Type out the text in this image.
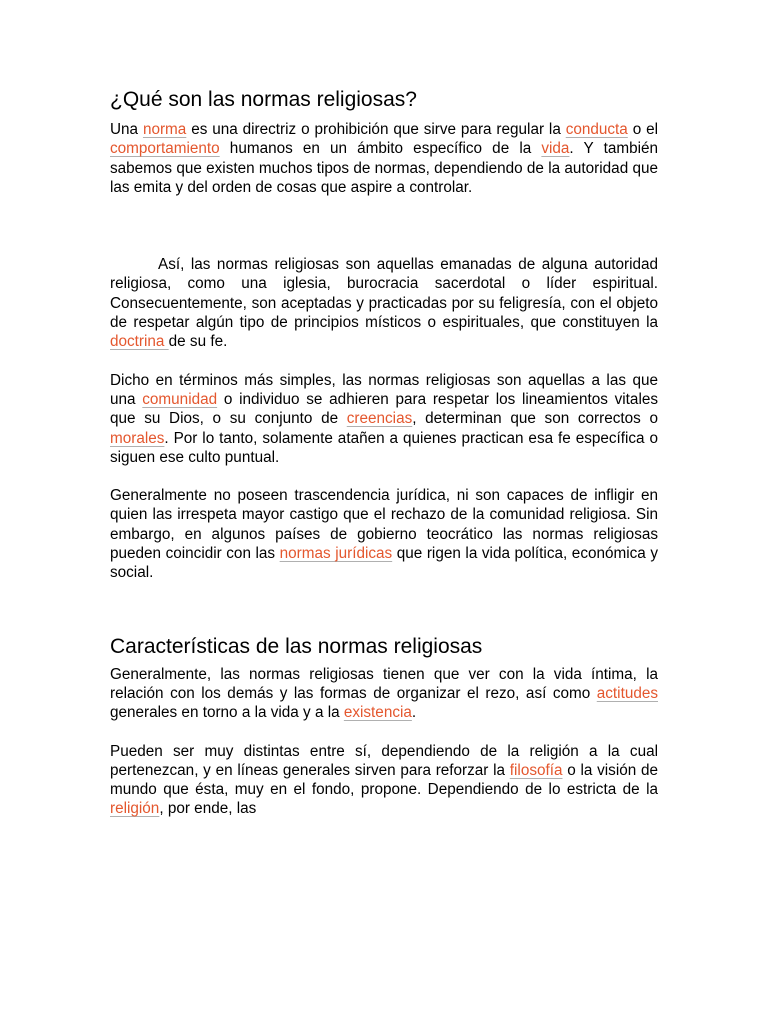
¿Qué son las normas religiosas?

Una norma es una directriz o prohibición que sirve para regular la conducta o el comportamiento humanos en un ámbito específico de la vida. Y también sabemos que existen muchos tipos de normas, dependiendo de la autoridad que las emita y del orden de cosas que aspire a controlar.

Así, las normas religiosas son aquellas emanadas de alguna autoridad religiosa, como una iglesia, burocracia sacerdotal o líder espiritual. Consecuentemente, son aceptadas y practicadas por su feligresía, con el objeto de respetar algún tipo de principios místicos o espirituales, que constituyen la doctrina de su fe.

Dicho en términos más simples, las normas religiosas son aquellas a las que una comunidad o individuo se adhieren para respetar los lineamientos vitales que su Dios, o su conjunto de creencias, determinan que son correctos o morales. Por lo tanto, solamente atañen a quienes practican esa fe específica o siguen ese culto puntual.

Generalmente no poseen trascendencia jurídica, ni son capaces de infligir en quien las irrespeta mayor castigo que el rechazo de la comunidad religiosa. Sin embargo, en algunos países de gobierno teocrático las normas religiosas pueden coincidir con las normas jurídicas que rigen la vida política, económica y social.

Características de las normas religiosas

Generalmente, las normas religiosas tienen que ver con la vida íntima, la relación con los demás y las formas de organizar el rezo, así como actitudes generales en torno a la vida y a la existencia.

Pueden ser muy distintas entre sí, dependiendo de la religión a la cual pertenezcan, y en líneas generales sirven para reforzar la filosofía o la visión de mundo que ésta, muy en el fondo, propone. Dependiendo de lo estricta de la religión, por ende, las
